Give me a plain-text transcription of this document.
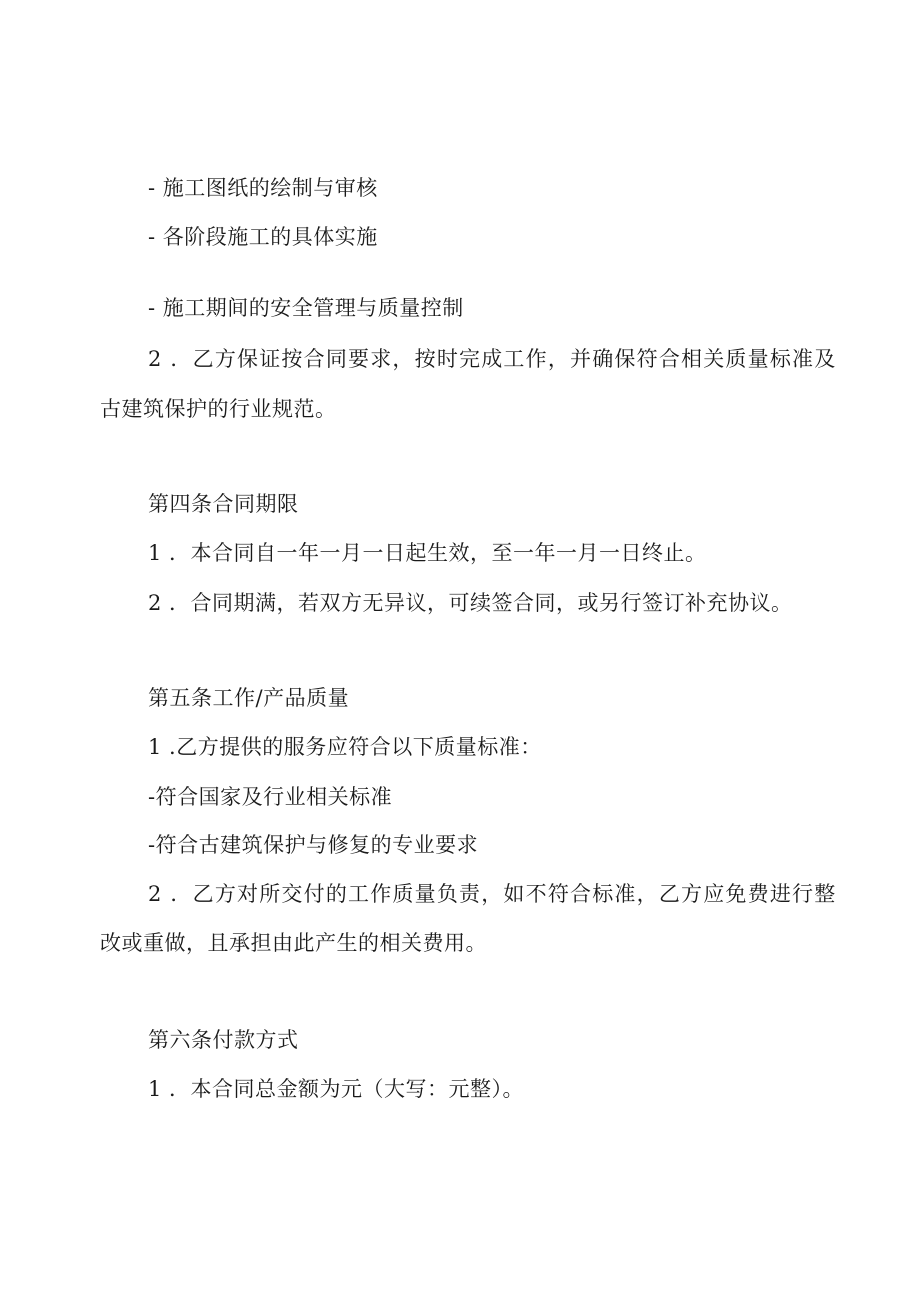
- 施工图纸的绘制与审核
- 各阶段施工的具体实施
- 施工期间的安全管理与质量控制
2 ．乙方保证按合同要求，按时完成工作，并确保符合相关质量标准及
古建筑保护的行业规范。
第四条合同期限
1 ．本合同自一年一月一日起生效，至一年一月一日终止。
2 ．合同期满，若双方无异议，可续签合同，或另行签订补充协议。
第五条工作/产品质量
1 .乙方提供的服务应符合以下质量标准：
-符合国家及行业相关标准
-符合古建筑保护与修复的专业要求
2 ．乙方对所交付的工作质量负责，如不符合标准，乙方应免费进行整
改或重做，且承担由此产生的相关费用。
第六条付款方式
1 ．本合同总金额为元（大写：元整）。
